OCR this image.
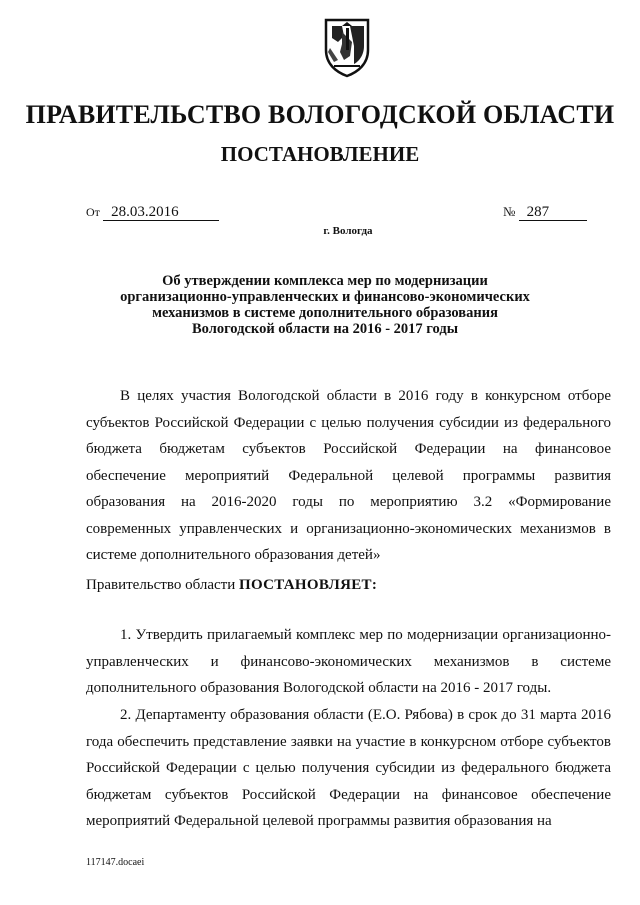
ПРАВИТЕЛЬСТВО ВОЛОГОДСКОЙ ОБЛАСТИ
ПОСТАНОВЛЕНИЕ
От 28.03.2016	№ 287
г. Вологда
Об утверждении комплекса мер по модернизации организационно-управленческих и финансово-экономических механизмов в системе дополнительного образования Вологодской области на 2016 - 2017 годы
В целях участия Вологодской области в 2016 году в конкурсном отборе субъектов Российской Федерации с целью получения субсидии из федерального бюджета бюджетам субъектов Российской Федерации на финансовое обеспечение мероприятий Федеральной целевой программы развития образования на 2016-2020 годы по мероприятию 3.2 «Формирование современных управленческих и организационно-экономических механизмов в системе дополнительного образования детей»
Правительство области ПОСТАНОВЛЯЕТ:
1. Утвердить прилагаемый комплекс мер по модернизации организационно-управленческих и финансово-экономических механизмов в системе дополнительного образования Вологодской области на 2016 - 2017 годы.
2. Департаменту образования области (Е.О. Рябова) в срок до 31 марта 2016 года обеспечить представление заявки на участие в конкурсном отборе субъектов Российской Федерации с целью получения субсидии из федерального бюджета бюджетам субъектов Российской Федерации на финансовое обеспечение мероприятий Федеральной целевой программы развития образования на
117147.docaei
